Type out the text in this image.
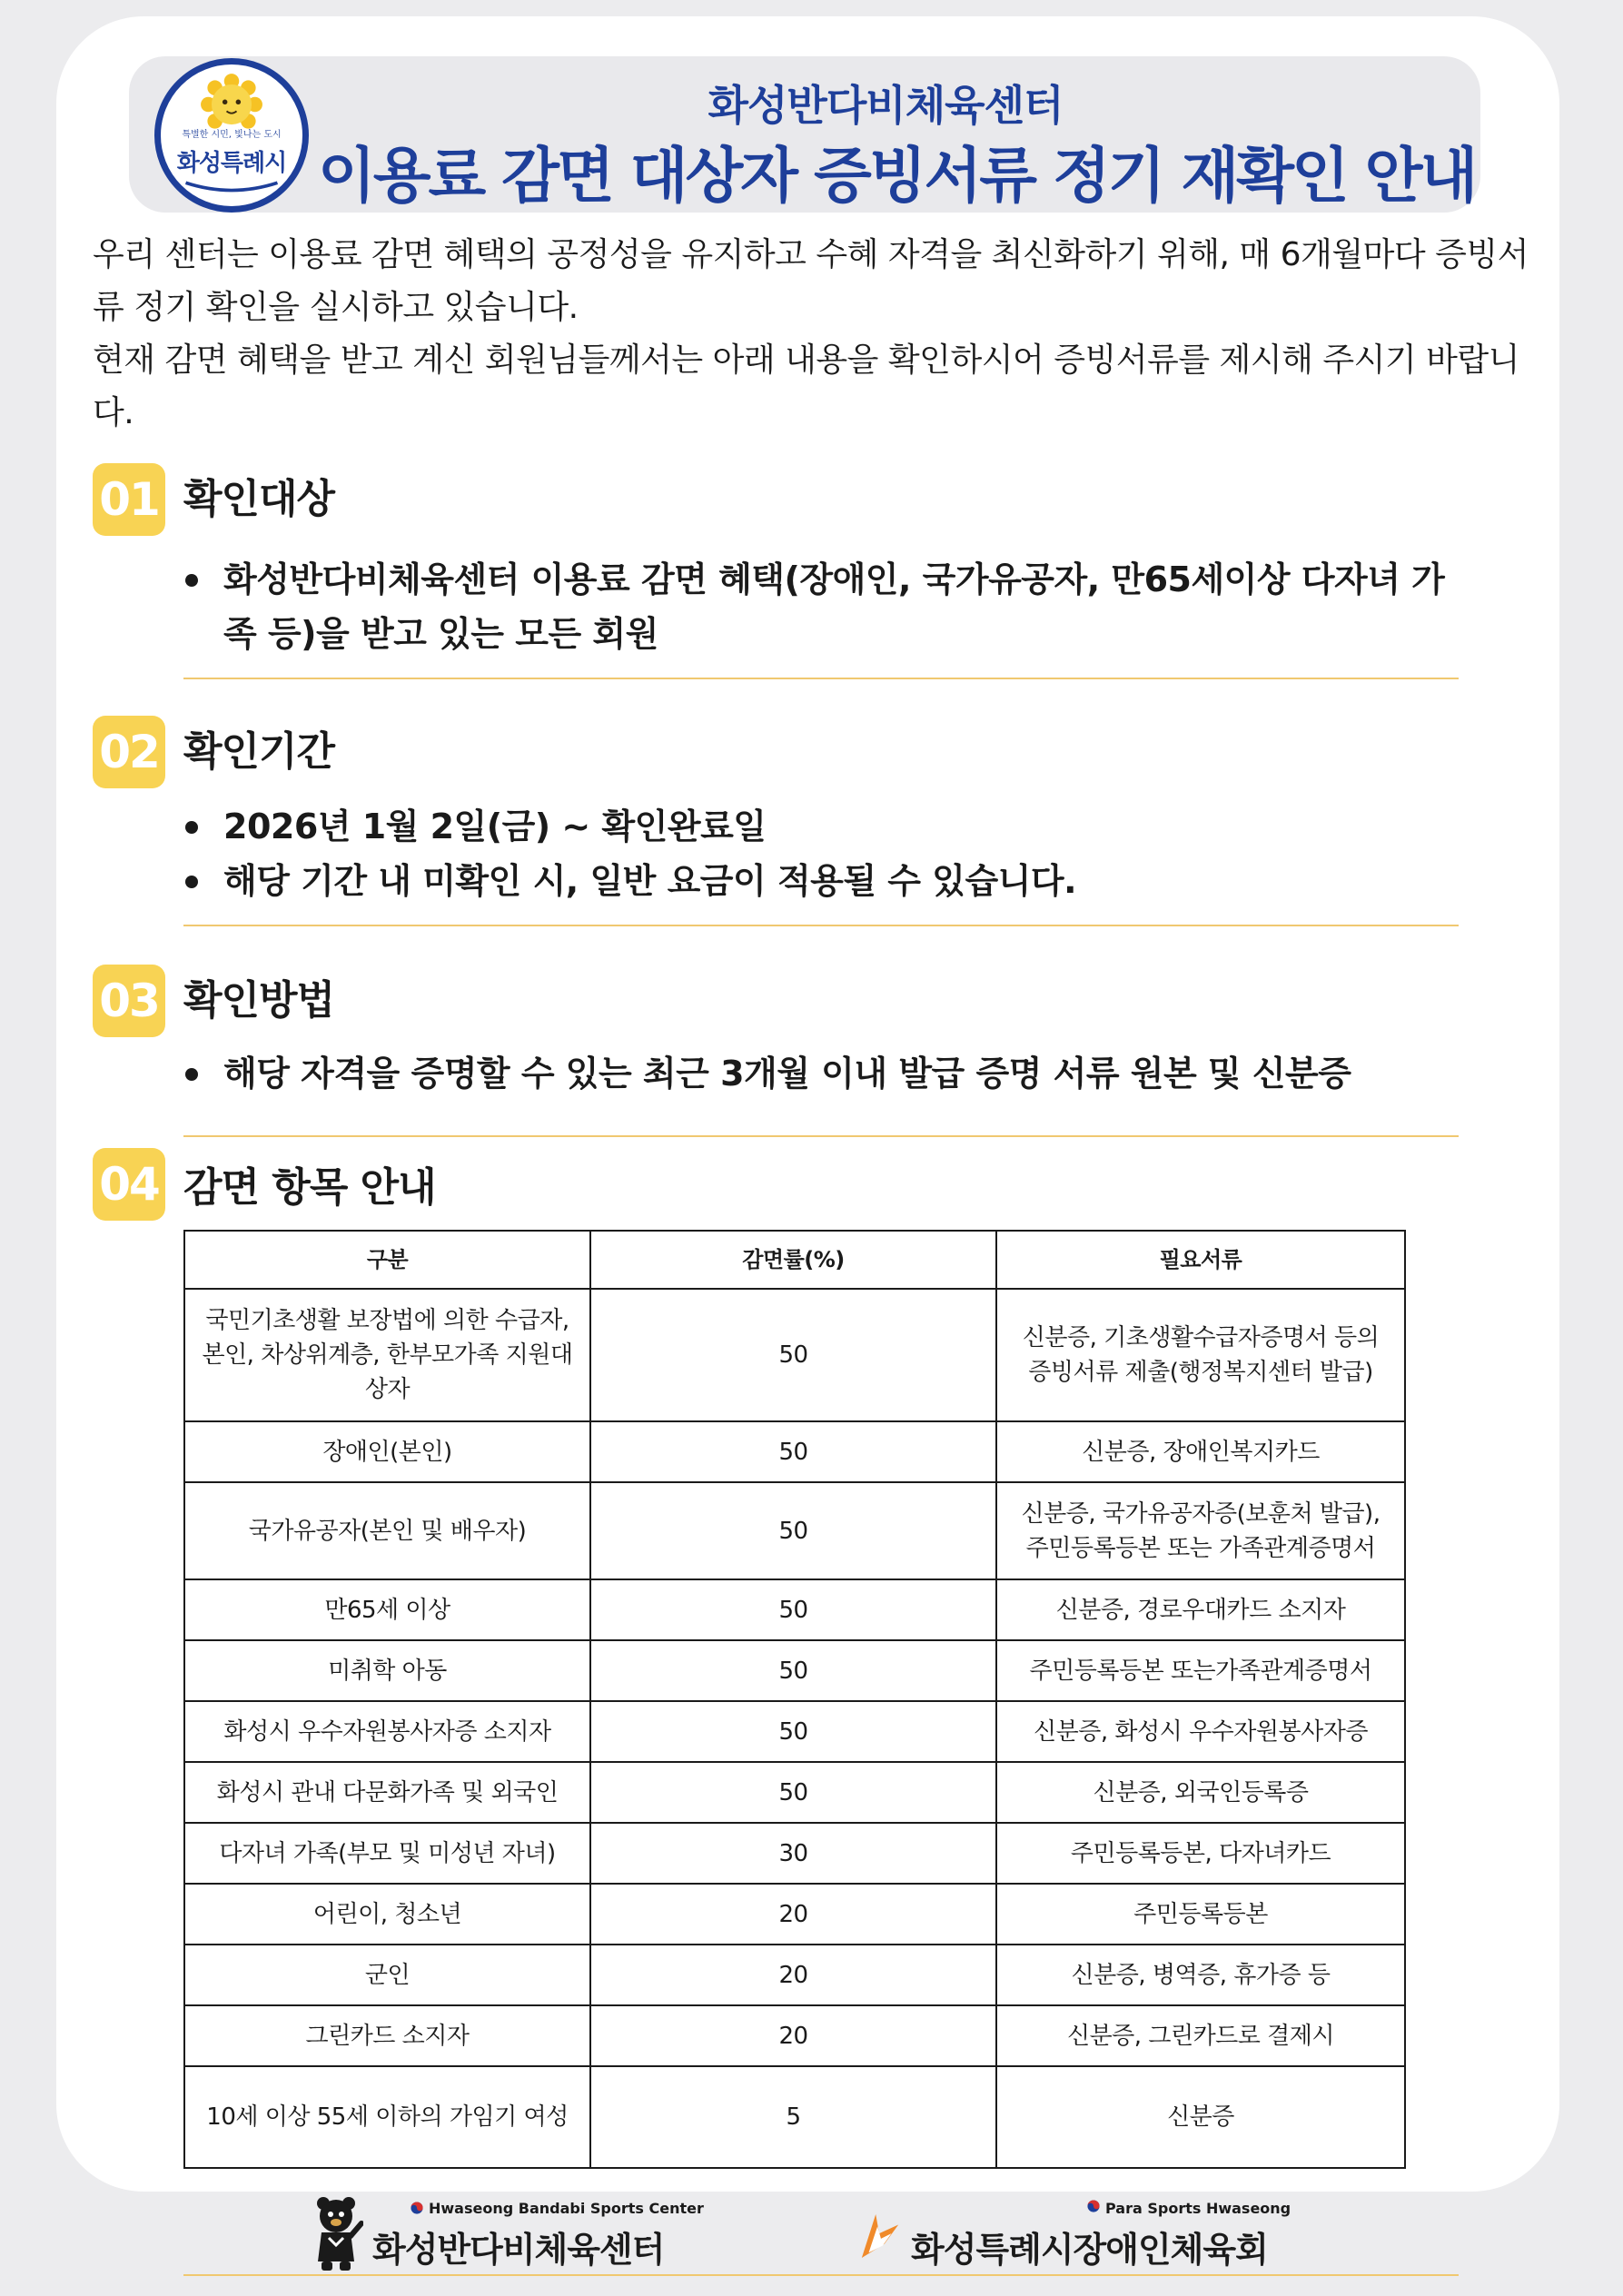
특별한 시민, 빛나는 도시
화성특례시
화성반다비체육센터
이용료 감면 대상자 증빙서류 정기 재확인 안내

우리 센터는 이용료 감면 혜택의 공정성을 유지하고 수혜 자격을 최신화하기 위해, 매 6개월마다 증빙서류 정기 확인을 실시하고 있습니다.

현재 감면 혜택을 받고 계신 회원님들께서는 아래 내용을 확인하시어 증빙서류를 제시해 주시기 바랍니다.

01 확인대상
화성반다비체육센터 이용료 감면 혜택(장애인, 국가유공자, 만65세이상 다자녀 가족 등)을 받고 있는 모든 회원
02 확인기간
2026년 1월 2일(금) ~ 확인완료일
해당 기간 내 미확인 시, 일반 요금이 적용될 수 있습니다.
03 확인방법
해당 자격을 증명할 수 있는 최근 3개월 이내 발급 증명 서류 원본 및 신분증
04 감면 항목 안내
구분	감면률(%)	필요서류
국민기초생활 보장법에 의한 수급자, 본인, 차상위계층, 한부모가족 지원대상자	50	신분증, 기초생활수급자증명서 등의 증빙서류 제출(행정복지센터 발급)
장애인(본인)	50	신분증, 장애인복지카드
국가유공자(본인 및 배우자)	50	신분증, 국가유공자증(보훈처 발급), 주민등록등본 또는 가족관계증명서
만65세 이상	50	신분증, 경로우대카드 소지자
미취학 아동	50	주민등록등본 또는가족관계증명서
화성시 우수자원봉사자증 소지자	50	신분증, 화성시 우수자원봉사자증
화성시 관내 다문화가족 및 외국인	50	신분증, 외국인등록증
다자녀 가족(부모 및 미성년 자녀)	30	주민등록등본, 다자녀카드
어린이, 청소년	20	주민등록등본
군인	20	신분증, 병역증, 휴가증 등
그린카드 소지자	20	신분증, 그린카드로 결제시
10세 이상 55세 이하의 가임기 여성	5	신분증
Hwaseong Bandabi Sports Center
화성반다비체육센터
Para Sports Hwaseong
화성특례시장애인체육회
